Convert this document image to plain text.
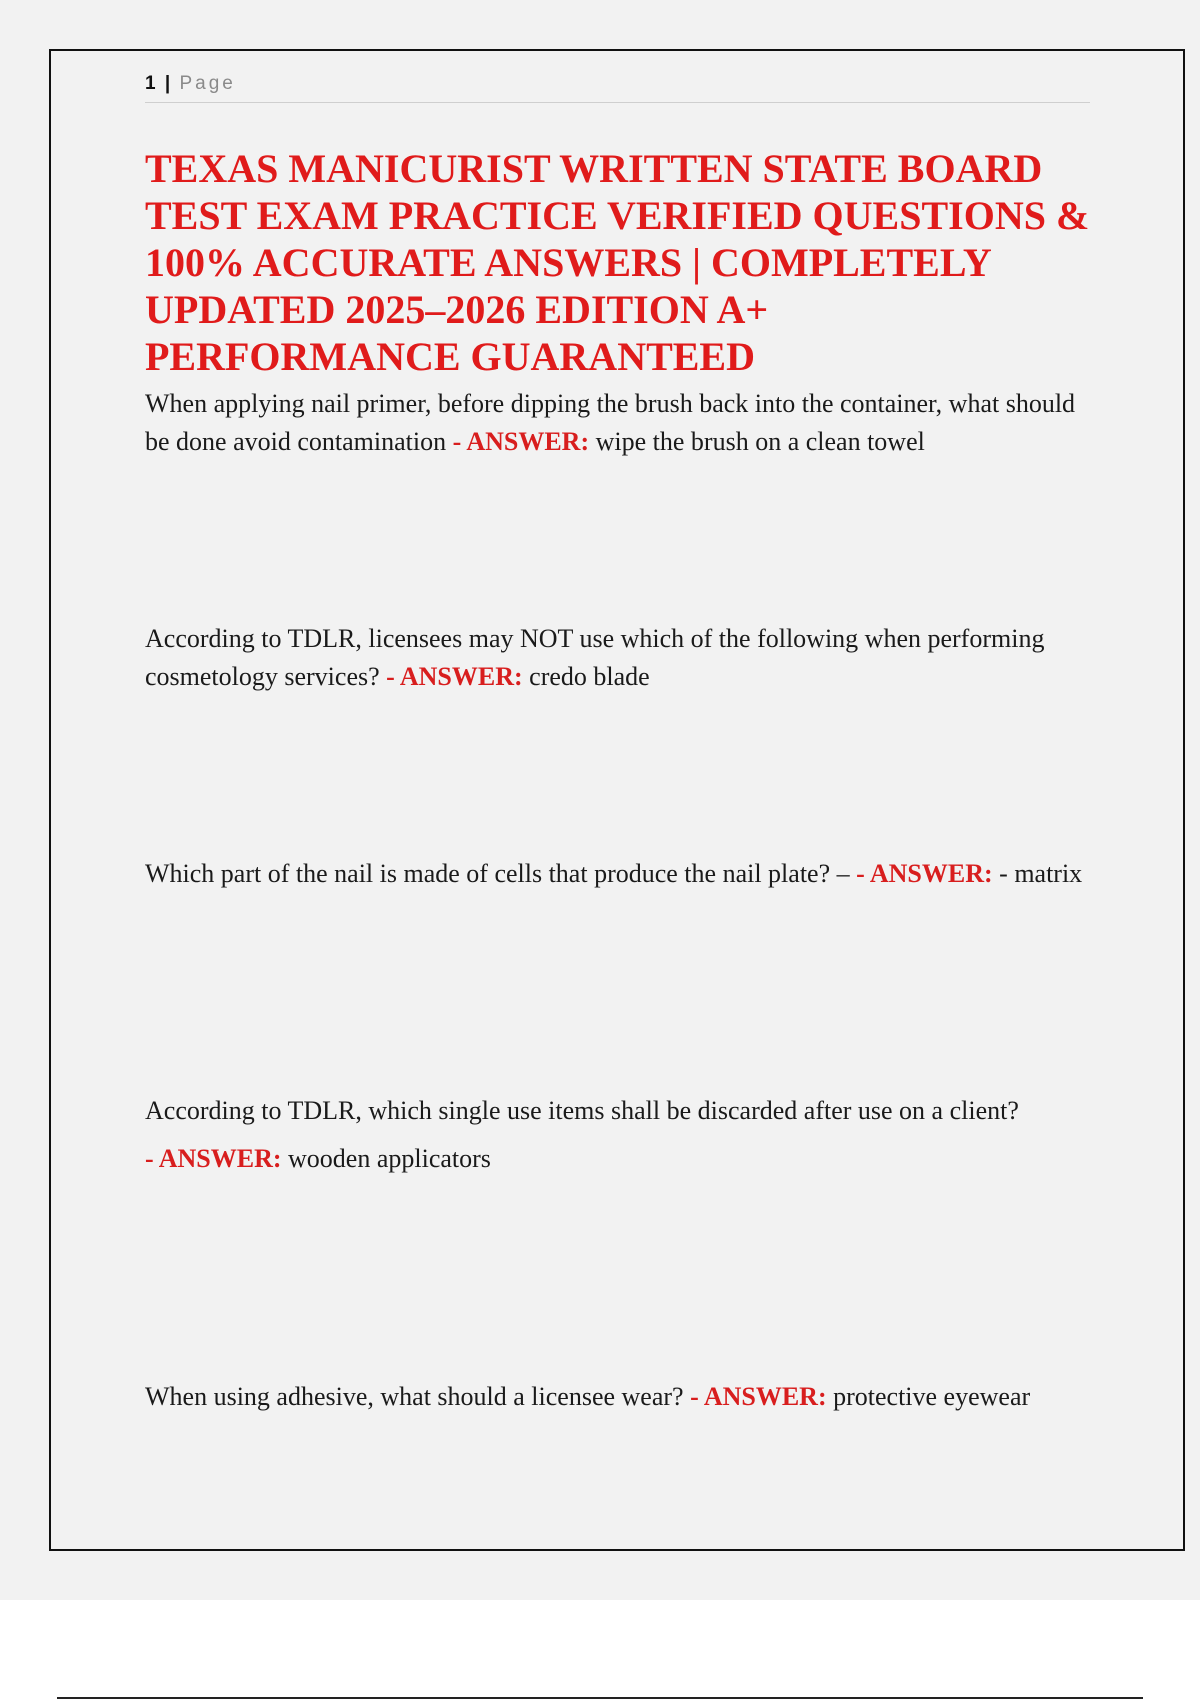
1 | Page
TEXAS MANICURIST WRITTEN STATE BOARD TEST EXAM PRACTICE VERIFIED QUESTIONS & 100% ACCURATE ANSWERS | COMPLETELY UPDATED 2025–2026 EDITION A+ PERFORMANCE GUARANTEED

When applying nail primer, before dipping the brush back into the container, what should be done avoid contamination - ANSWER: wipe the brush on a clean towel

According to TDLR, licensees may NOT use which of the following when performing cosmetology services? - ANSWER: credo blade

Which part of the nail is made of cells that produce the nail plate? – - ANSWER: - matrix

According to TDLR, which single use items shall be discarded after use on a client?
- ANSWER: wooden applicators

When using adhesive, what should a licensee wear? - ANSWER: protective eyewear
